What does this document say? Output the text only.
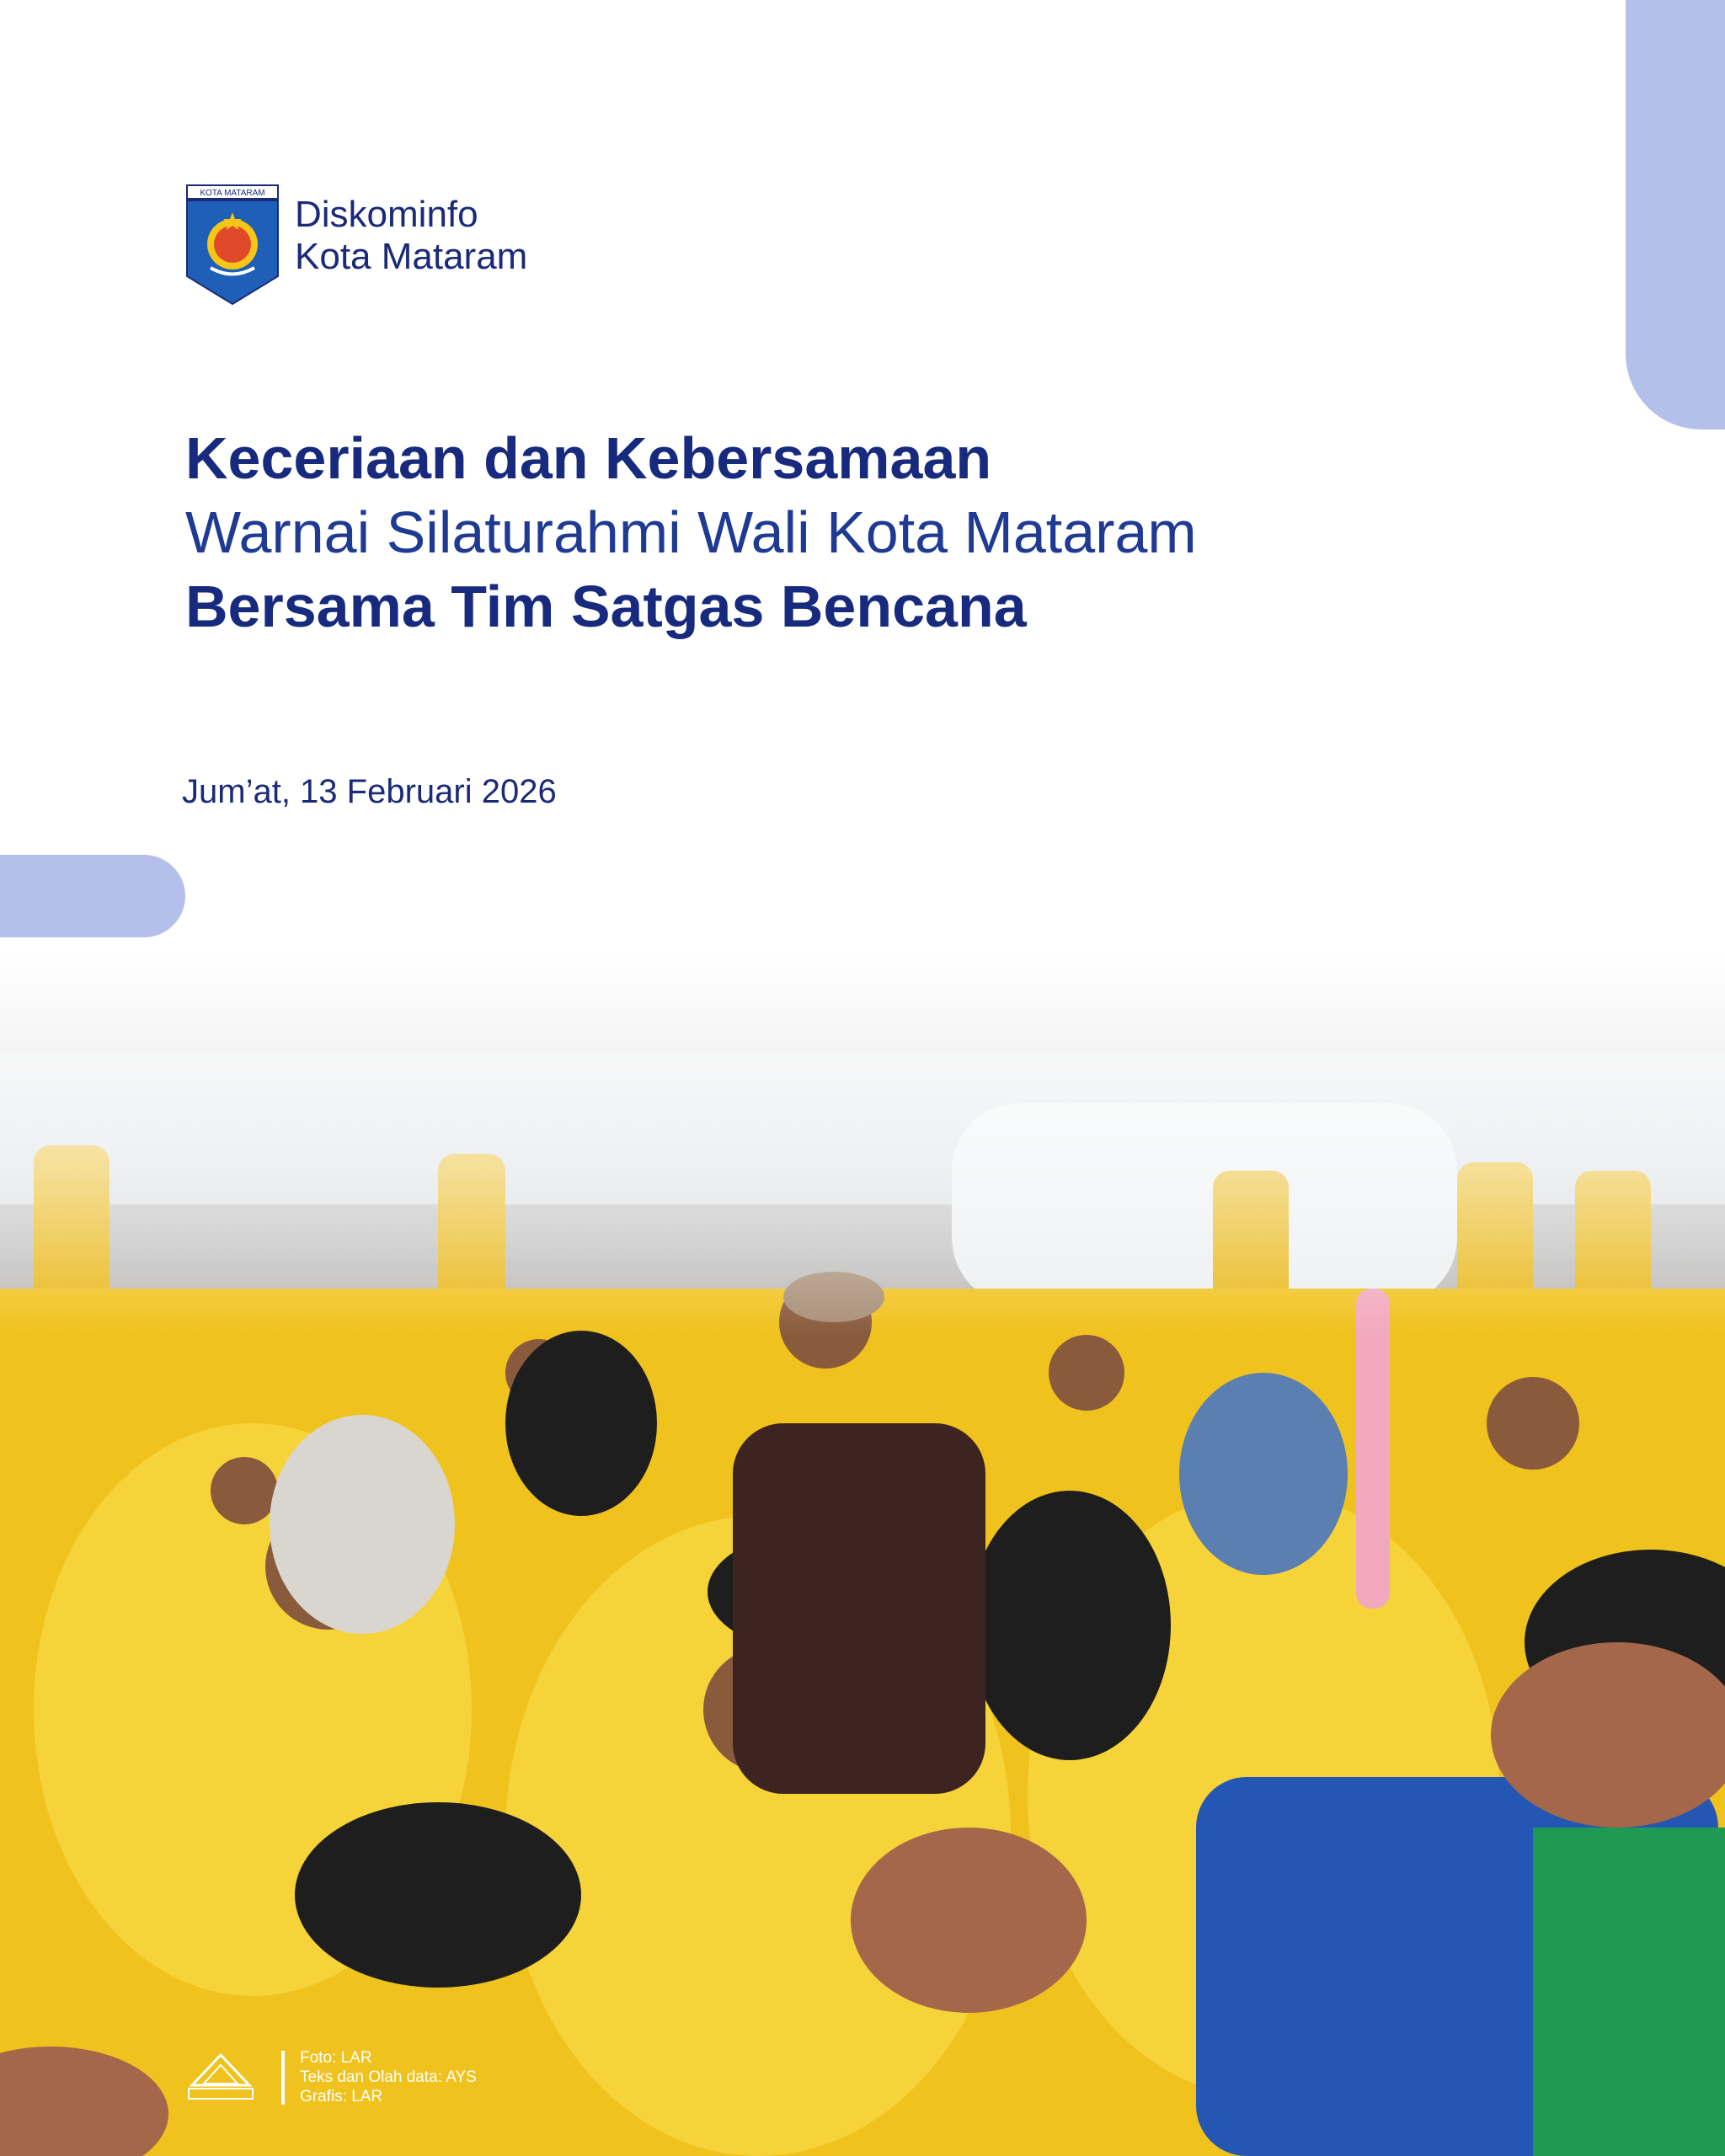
KOTA MATARAM
Diskominfo
Kota Mataram
Keceriaan dan Kebersamaan
Warnai Silaturahmi Wali Kota Mataram
Bersama Tim Satgas Bencana
Jum’at, 13 Februari 2026
Foto: LAR
Teks dan Olah data: AYS
Grafis: LAR
